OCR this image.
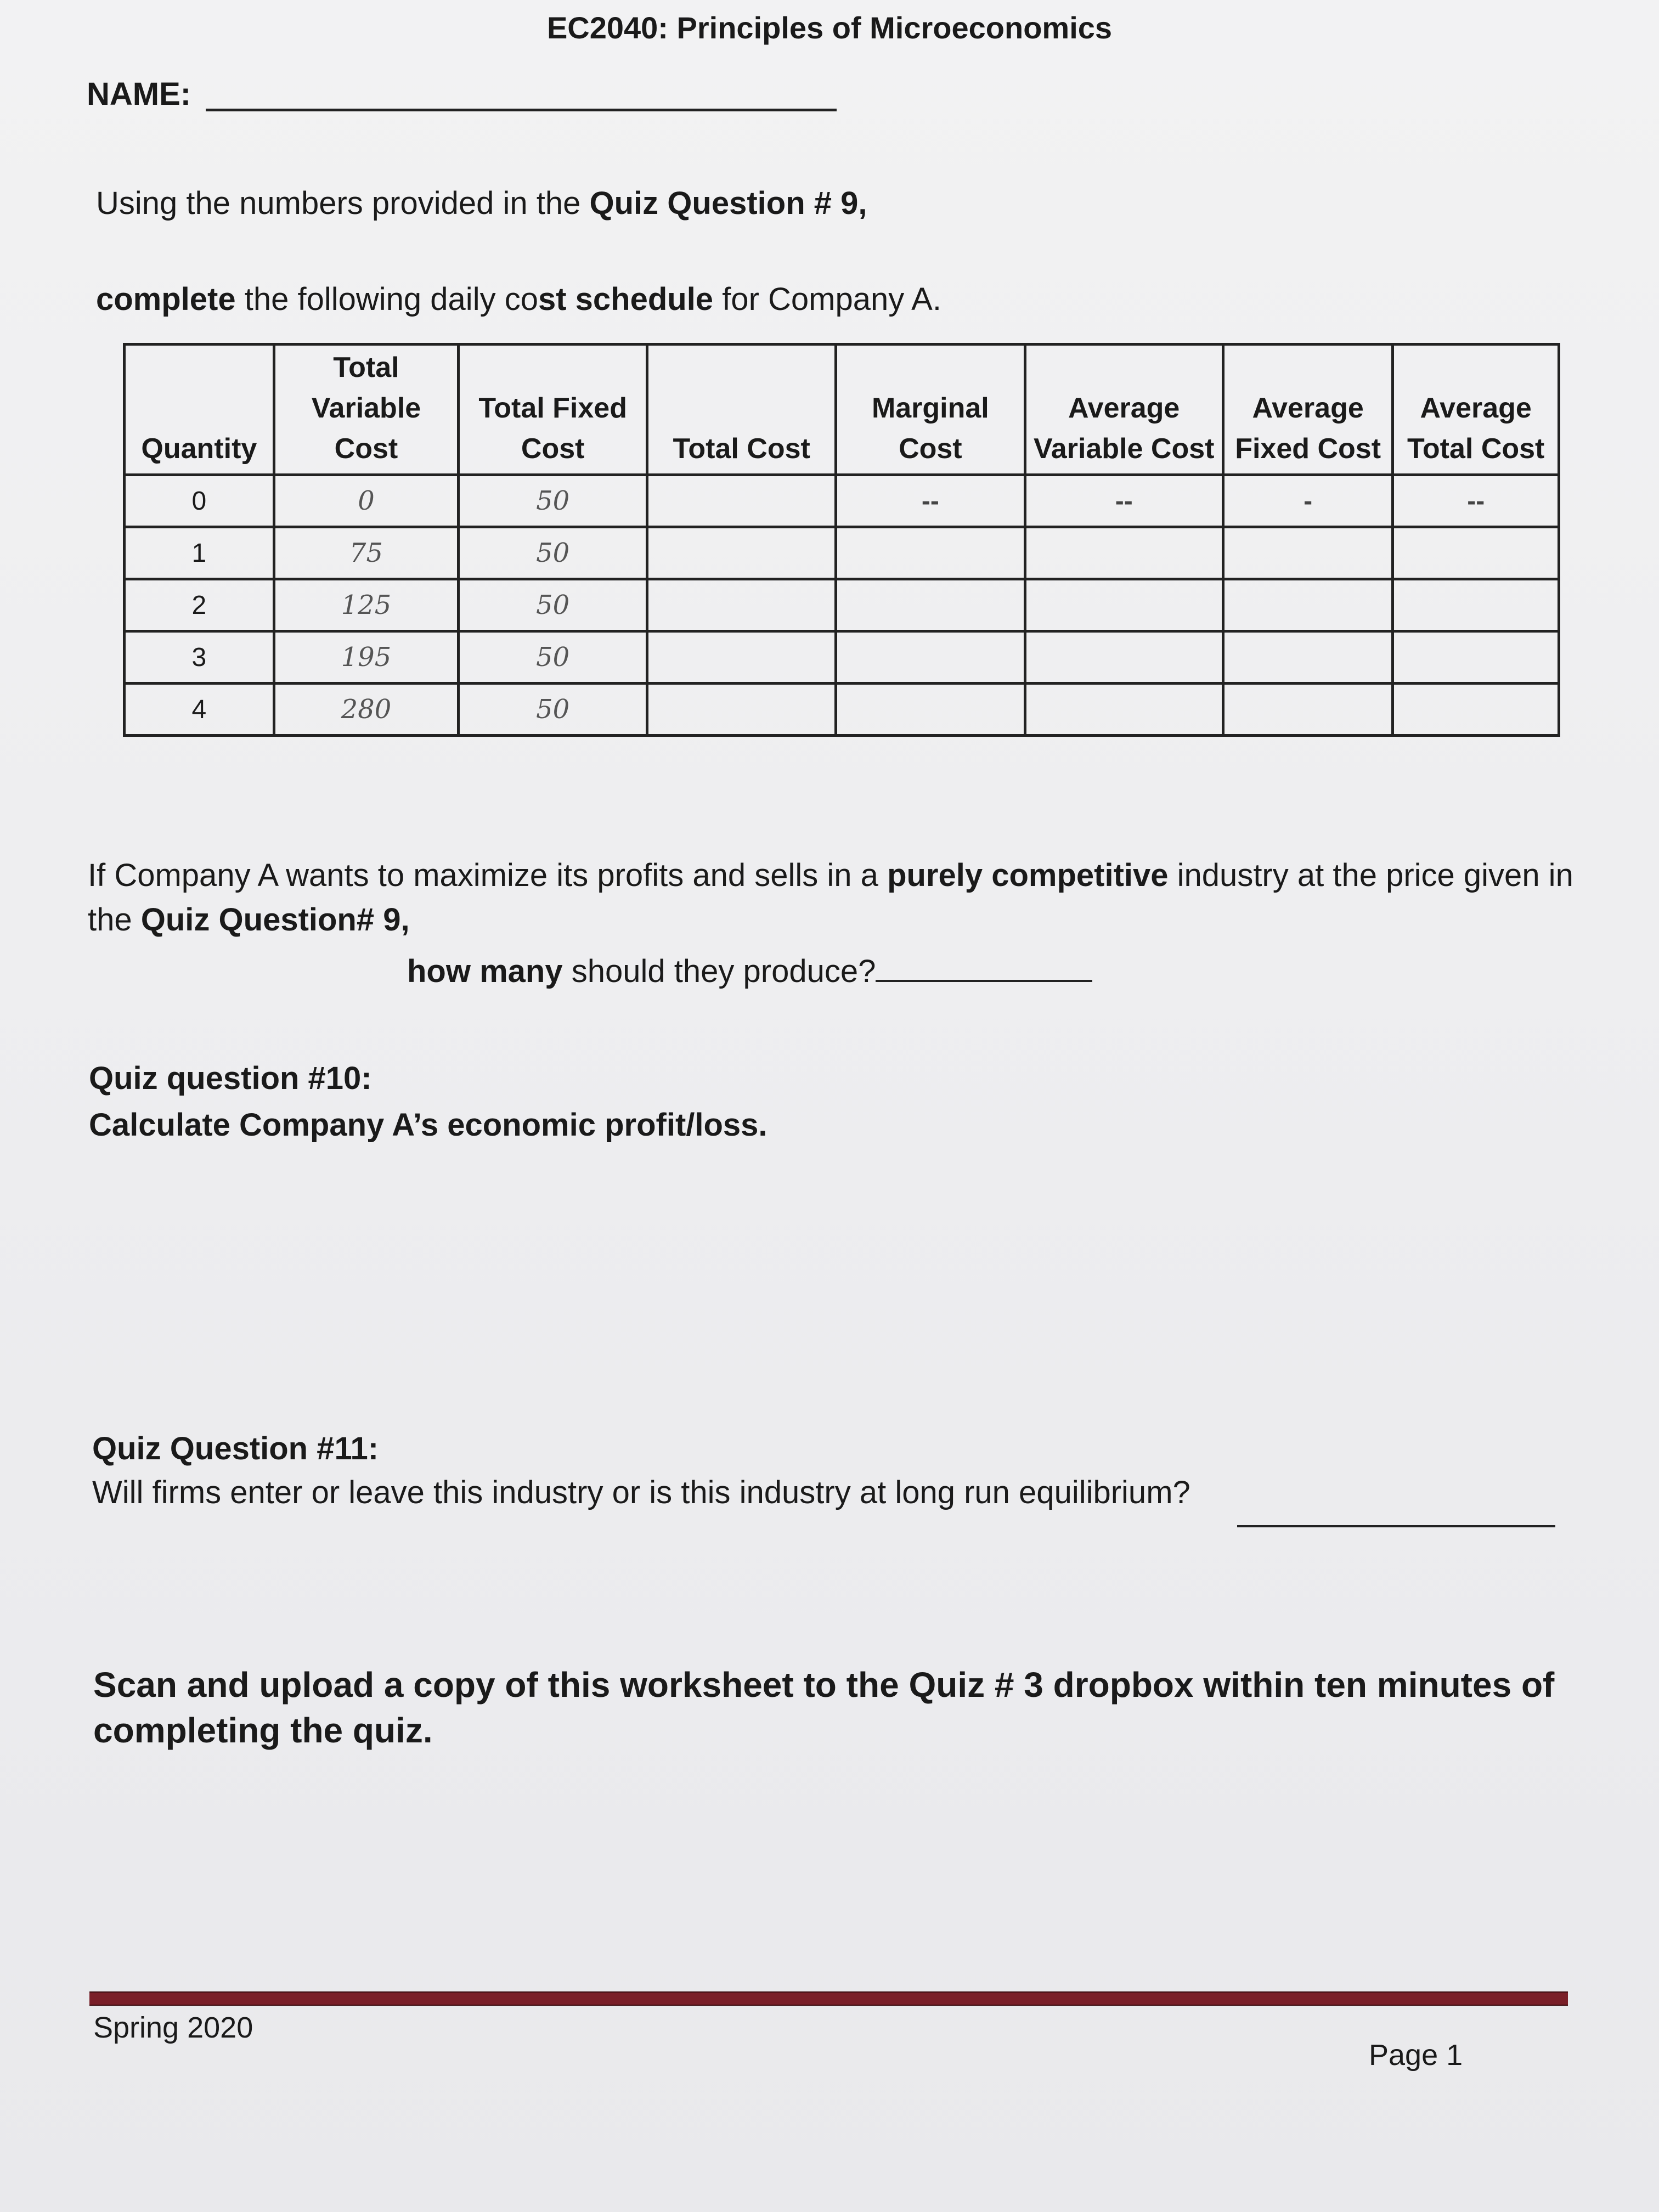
EC2040: Principles of Microeconomics
NAME:
Using the numbers provided in the Quiz Question # 9,
complete the following daily cost schedule for Company A.
Quantity	Total Variable Cost	Total Fixed Cost	Total Cost	Marginal Cost	Average Variable Cost	Average Fixed Cost	Average Total Cost
0	0	50		--	--	-	--
1	75	50					
2	125	50					
3	195	50					
4	280	50					
If Company A wants to maximize its profits and sells in a purely competitive industry at the price given in the Quiz Question# 9,
how many should they produce?
Quiz question #10:
Calculate Company A’s economic profit/loss.
Quiz Question #11:
Will firms enter or leave this industry or is this industry at long run equilibrium?
Scan and upload a copy of this worksheet to the Quiz # 3 dropbox within ten minutes of completing the quiz.
Spring 2020
Page 1
